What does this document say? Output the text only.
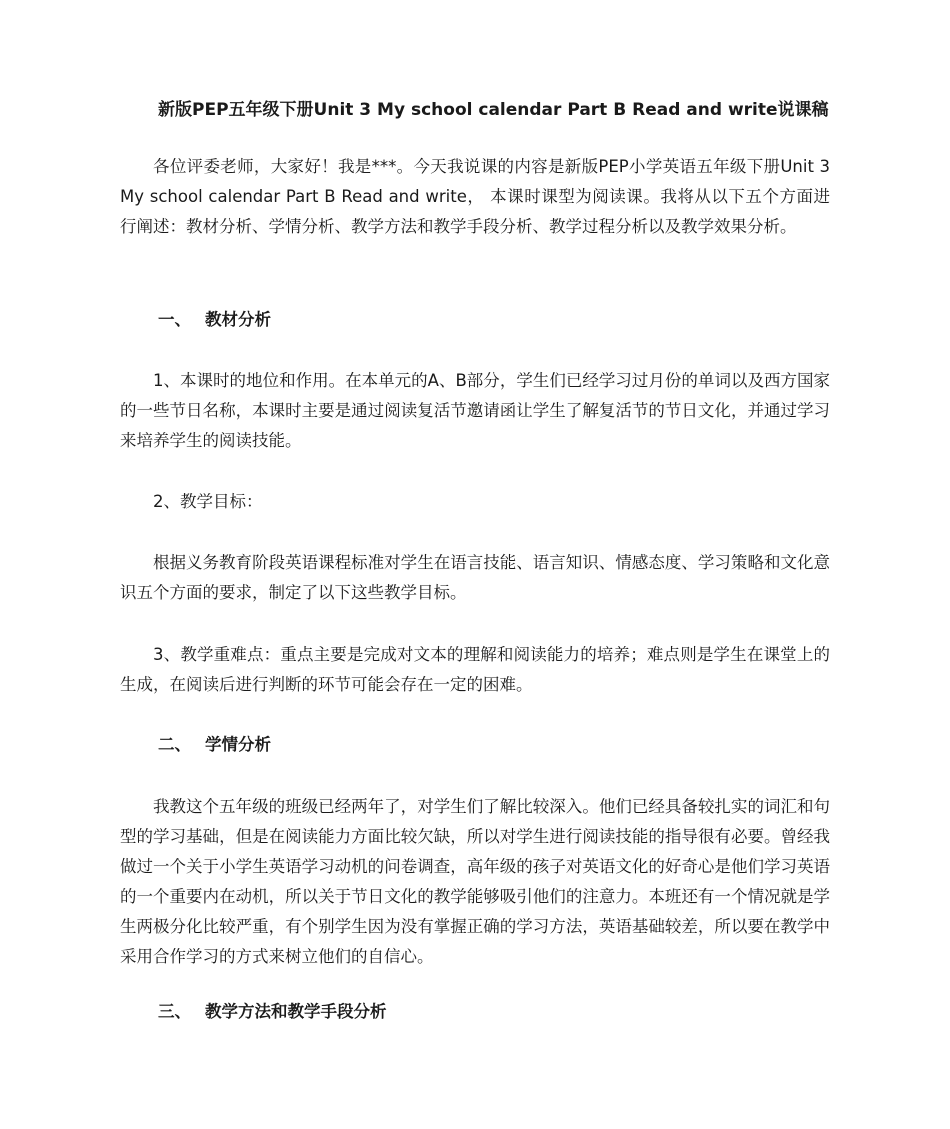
新版PEP五年级下册Unit 3 My school calendar Part B Read and write说课稿

各位评委老师，大家好！我是***。今天我说课的内容是新版PEP小学英语五年级下册Unit 3 My school calendar Part B Read and write， 本课时课型为阅读课。我将从以下五个方面进行阐述：教材分析、学情分析、教学方法和教学手段分析、教学过程分析以及教学效果分析。

一、 教材分析

1、本课时的地位和作用。在本单元的A、B部分，学生们已经学习过月份的单词以及西方国家的一些节日名称，本课时主要是通过阅读复活节邀请函让学生了解复活节的节日文化，并通过学习来培养学生的阅读技能。

2、教学目标：

根据义务教育阶段英语课程标准对学生在语言技能、语言知识、情感态度、学习策略和文化意识五个方面的要求，制定了以下这些教学目标。

3、教学重难点：重点主要是完成对文本的理解和阅读能力的培养；难点则是学生在课堂上的生成，在阅读后进行判断的环节可能会存在一定的困难。

二、 学情分析

我教这个五年级的班级已经两年了，对学生们了解比较深入。他们已经具备较扎实的词汇和句型的学习基础，但是在阅读能力方面比较欠缺，所以对学生进行阅读技能的指导很有必要。曾经我做过一个关于小学生英语学习动机的问卷调查，高年级的孩子对英语文化的好奇心是他们学习英语的一个重要内在动机，所以关于节日文化的教学能够吸引他们的注意力。本班还有一个情况就是学生两极分化比较严重，有个别学生因为没有掌握正确的学习方法，英语基础较差，所以要在教学中采用合作学习的方式来树立他们的自信心。

三、 教学方法和教学手段分析
